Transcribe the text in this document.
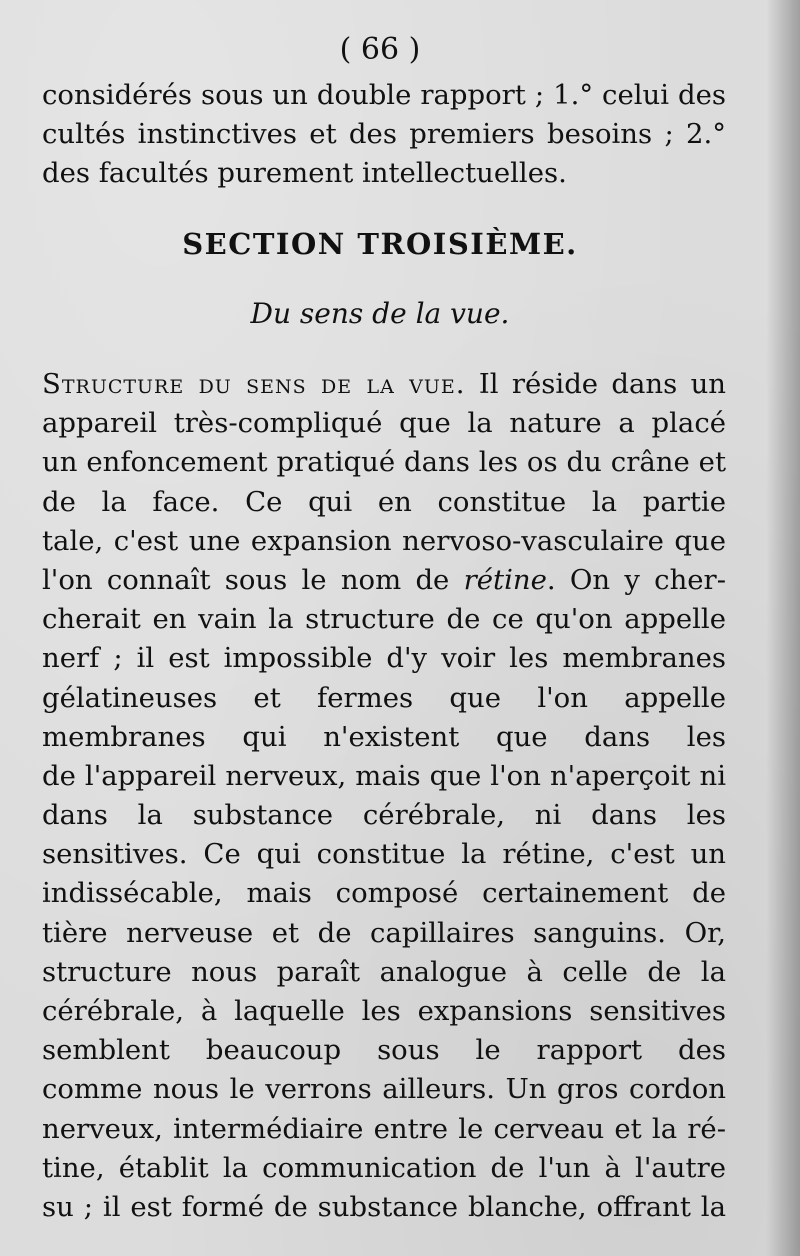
( 66 )
considérés sous un double rapport ; 1.° celui des
cultés instinctives et des premiers besoins ; 2.°
des facultés purement intellectuelles.
SECTION TROISIÈME.
Du sens de la vue.
Structure du sens de la vue. Il réside dans un
appareil très-compliqué que la nature a placé
un enfoncement pratiqué dans les os du crâne et
de la face. Ce qui en constitue la partie
tale, c'est une expansion nervoso-vasculaire que
l'on connaît sous le nom de rétine. On y cher-
cherait en vain la structure de ce qu'on appelle
nerf ; il est impossible d'y voir les membranes
gélatineuses et fermes que l'on appelle
membranes qui n'existent que dans les
de l'appareil nerveux, mais que l'on n'aperçoit ni
dans la substance cérébrale, ni dans les
sensitives. Ce qui constitue la rétine, c'est un
indissécable, mais composé certainement de
tière nerveuse et de capillaires sanguins. Or,
structure nous paraît analogue à celle de la
cérébrale, à laquelle les expansions sensitives
semblent beaucoup sous le rapport des
comme nous le verrons ailleurs. Un gros cordon
nerveux, intermédiaire entre le cerveau et la ré-
tine, établit la communication de l'un à l'autre
su ; il est formé de substance blanche, offrant la
